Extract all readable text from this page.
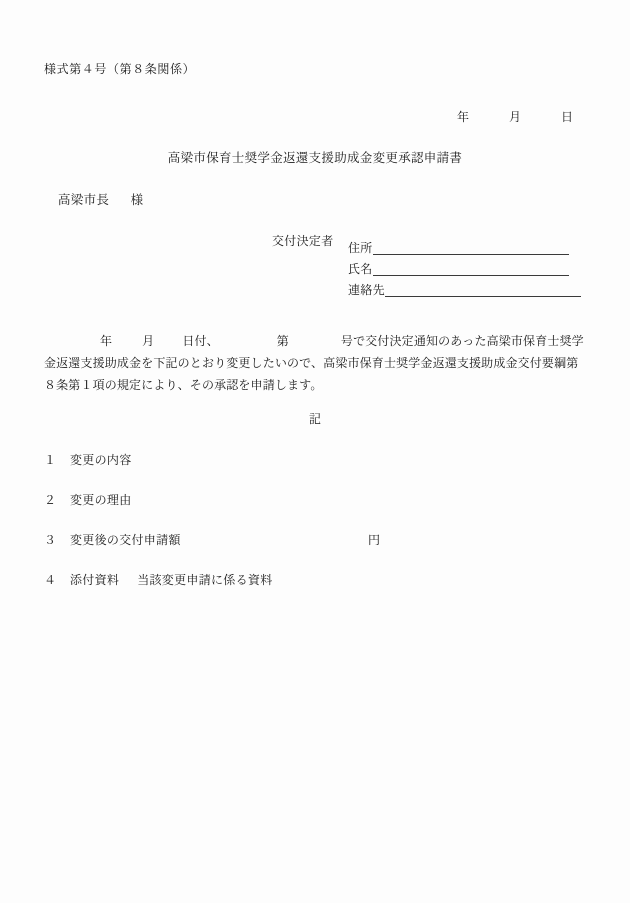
様式第４号（第８条関係）
年	月	日
高梁市保育士奨学金返還支援助成金変更承認申請書
高梁市長 様
交付決定者 住所
氏名
連絡先
年	月 日付、	第	号で交付決定通知のあった高梁市保育士奨学金返還支援助成金を下記のとおり変更したいので、高梁市保育士奨学金返還支援助成金交付要綱第８条第１項の規定により、その承認を申請します。
記
１ 変更の内容
２ 変更の理由
３ 変更後の交付申請額	円
４ 添付資料 当該変更申請に係る資料
